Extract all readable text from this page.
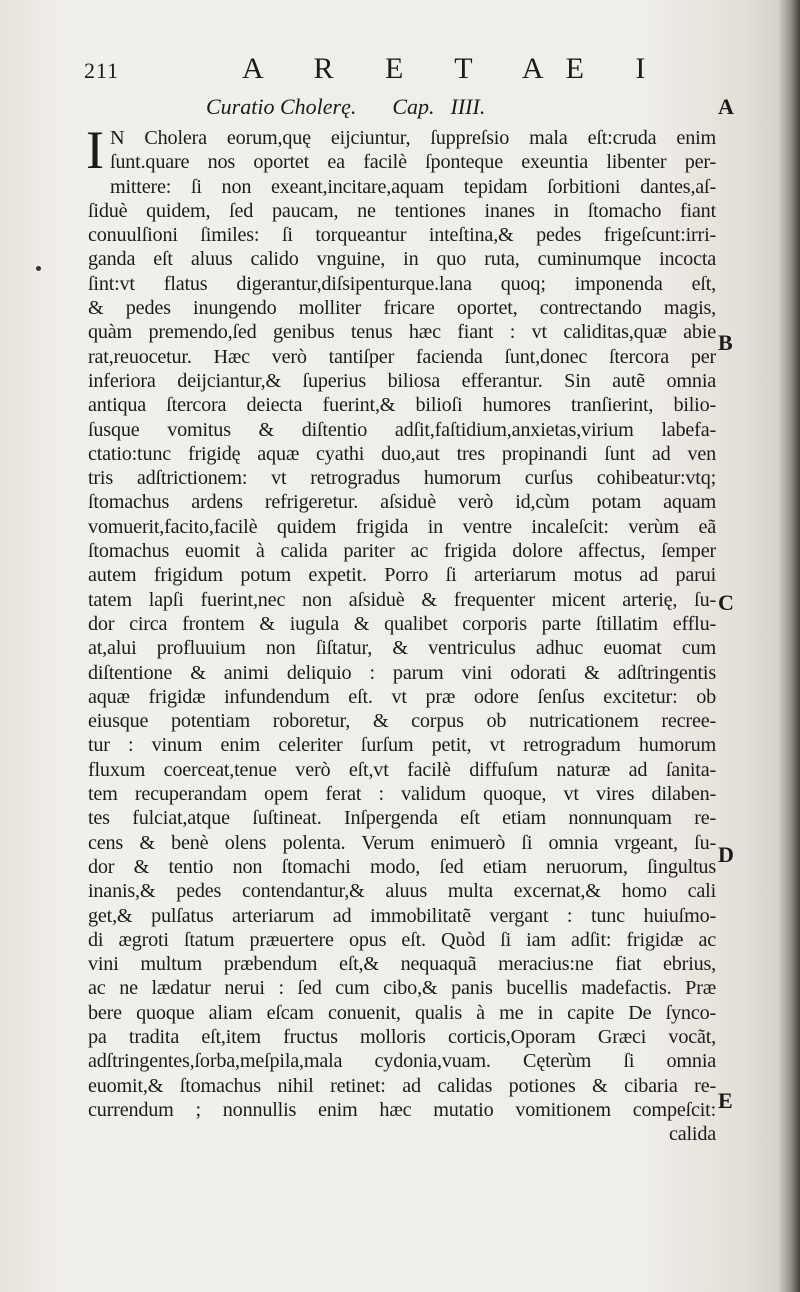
211	A R E T AE I
Curatio Cholerę. Cap. IIII.
I N Cholera eorum,quę eijciuntur, ſuppreſsio mala eſt:cruda enim
ſunt.quare nos oportet ea facilè ſponteque exeuntia libenter per-
mittere: ſi non exeant,incitare,aquam tepidam ſorbitioni dantes,aſ-
ſiduè quidem, ſed paucam, ne tentiones inanes in ſtomacho fiant
conuulſioni ſimiles: ſi torqueantur inteſtina,& pedes frigeſcunt:irri-
ganda eſt aluus calido vnguine, in quo ruta, cuminumque incocta
ſint:vt flatus digerantur,diſsipenturque.lana quoq; imponenda eſt,
& pedes inungendo molliter fricare oportet, contrectando magis,
quàm premendo,ſed genibus tenus hæc fiant : vt caliditas,quæ abie
rat,reuocetur. Hæc verò tantiſper facienda ſunt,donec ſtercora per
inferiora deijciantur,& ſuperius biliosa efferantur. Sin autẽ omnia
antiqua ſtercora deiecta fuerint,& bilioſi humores tranſierint, bilio-
ſusque vomitus & diſtentio adſit,faſtidium,anxietas,virium labefa-
ctatio:tunc frigidę aquæ cyathi duo,aut tres propinandi ſunt ad ven
tris adſtrictionem: vt retrogradus humorum curſus cohibeatur:vtq;
ſtomachus ardens refrigeretur. aſsiduè verò id,cùm potam aquam
vomuerit,facito,facilè quidem frigida in ventre incaleſcit: verùm eã
ſtomachus euomit à calida pariter ac frigida dolore affectus, ſemper
autem frigidum potum expetit. Porro ſi arteriarum motus ad parui
tatem lapſi fuerint,nec non aſsiduè & frequenter micent arterię, ſu-
dor circa frontem & iugula & qualibet corporis parte ſtillatim efflu-
at,alui profluuium non ſiſtatur, & ventriculus adhuc euomat cum
diſtentione & animi deliquio : parum vini odorati & adſtringentis
aquæ frigidæ infundendum eſt. vt præ odore ſenſus excitetur: ob
eiusque potentiam roboretur, & corpus ob nutricationem recree-
tur : vinum enim celeriter ſurſum petit, vt retrogradum humorum
fluxum coerceat,tenue verò eſt,vt facilè diffuſum naturæ ad ſanita-
tem recuperandam opem ferat : validum quoque, vt vires dilaben-
tes fulciat,atque ſuſtineat. Inſpergenda eſt etiam nonnunquam re-
cens & benè olens polenta. Verum enimuerò ſi omnia vrgeant, ſu-
dor & tentio non ſtomachi modo, ſed etiam neruorum, ſingultus
inanis,& pedes contendantur,& aluus multa excernat,& homo cali
get,& pulſatus arteriarum ad immobilitatẽ vergant : tunc huiuſmo-
di ægroti ſtatum præuertere opus eſt. Quòd ſi iam adſit: frigidæ ac
vini multum præbendum eſt,& nequaquã meracius:ne fiat ebrius,
ac ne lædatur nerui : ſed cum cibo,& panis bucellis madefactis. Præ
bere quoque aliam eſcam conuenit, qualis à me in capite De ſynco-
pa tradita eſt,item fructus molloris corticis,Oporam Græci vocãt,
adſtringentes,ſorba,meſpila,mala cydonia,vuam. Cęterùm ſi omnia
euomit,& ſtomachus nihil retinet: ad calidas potiones & cibaria re-
currendum ; nonnullis enim hæc mutatio vomitionem compeſcit:
calida
A
B
C
D
E
